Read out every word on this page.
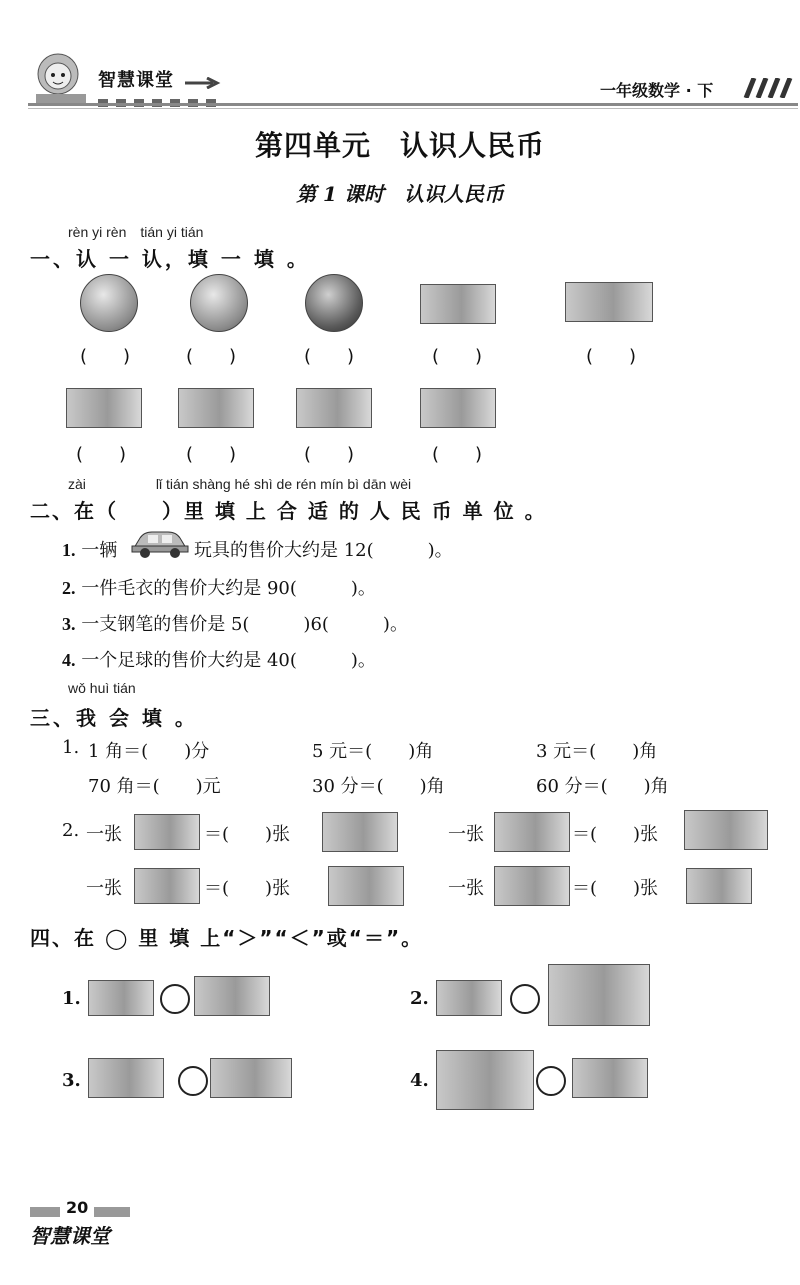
智慧课堂	一年级数学 · 下
第四单元　认识人民币
第 1 课时　认识人民币
rèn yi rèn　tián yi tián
一、认 一 认，填 一 填 。
(　　)	(　　)	(　　)	(　　)	(　　)
(　　)	(　　)	(　　)	(　　)
zài　　　　　lǐ tián shàng hé shì de rén mín bì dān wèi
二、在（　　）里 填 上 合 适 的 人 民 币 单 位 。
1. 一辆	玩具的售价大约是 12(　　　)。
2. 一件毛衣的售价大约是 90(　　　)。
3. 一支钢笔的售价是 5(　　　)6(　　　)。
4. 一个足球的售价大约是 40(　　　)。
wǒ huì tián
三、我 会 填 。
1. 1 角＝(　　)分	5 元＝(　　)角	3 元＝(　　)角
70 角＝(　　)元	30 分＝(　　)角	60 分＝(　　)角
2. 一张	＝(　　)张	一张	＝(　　)张
一张	＝(　　)张	一张	＝(　　)张
四、在 ◯ 里 填 上“＞”“＜”或“＝”。
1.	2.
3.	4.
20
智慧课堂
